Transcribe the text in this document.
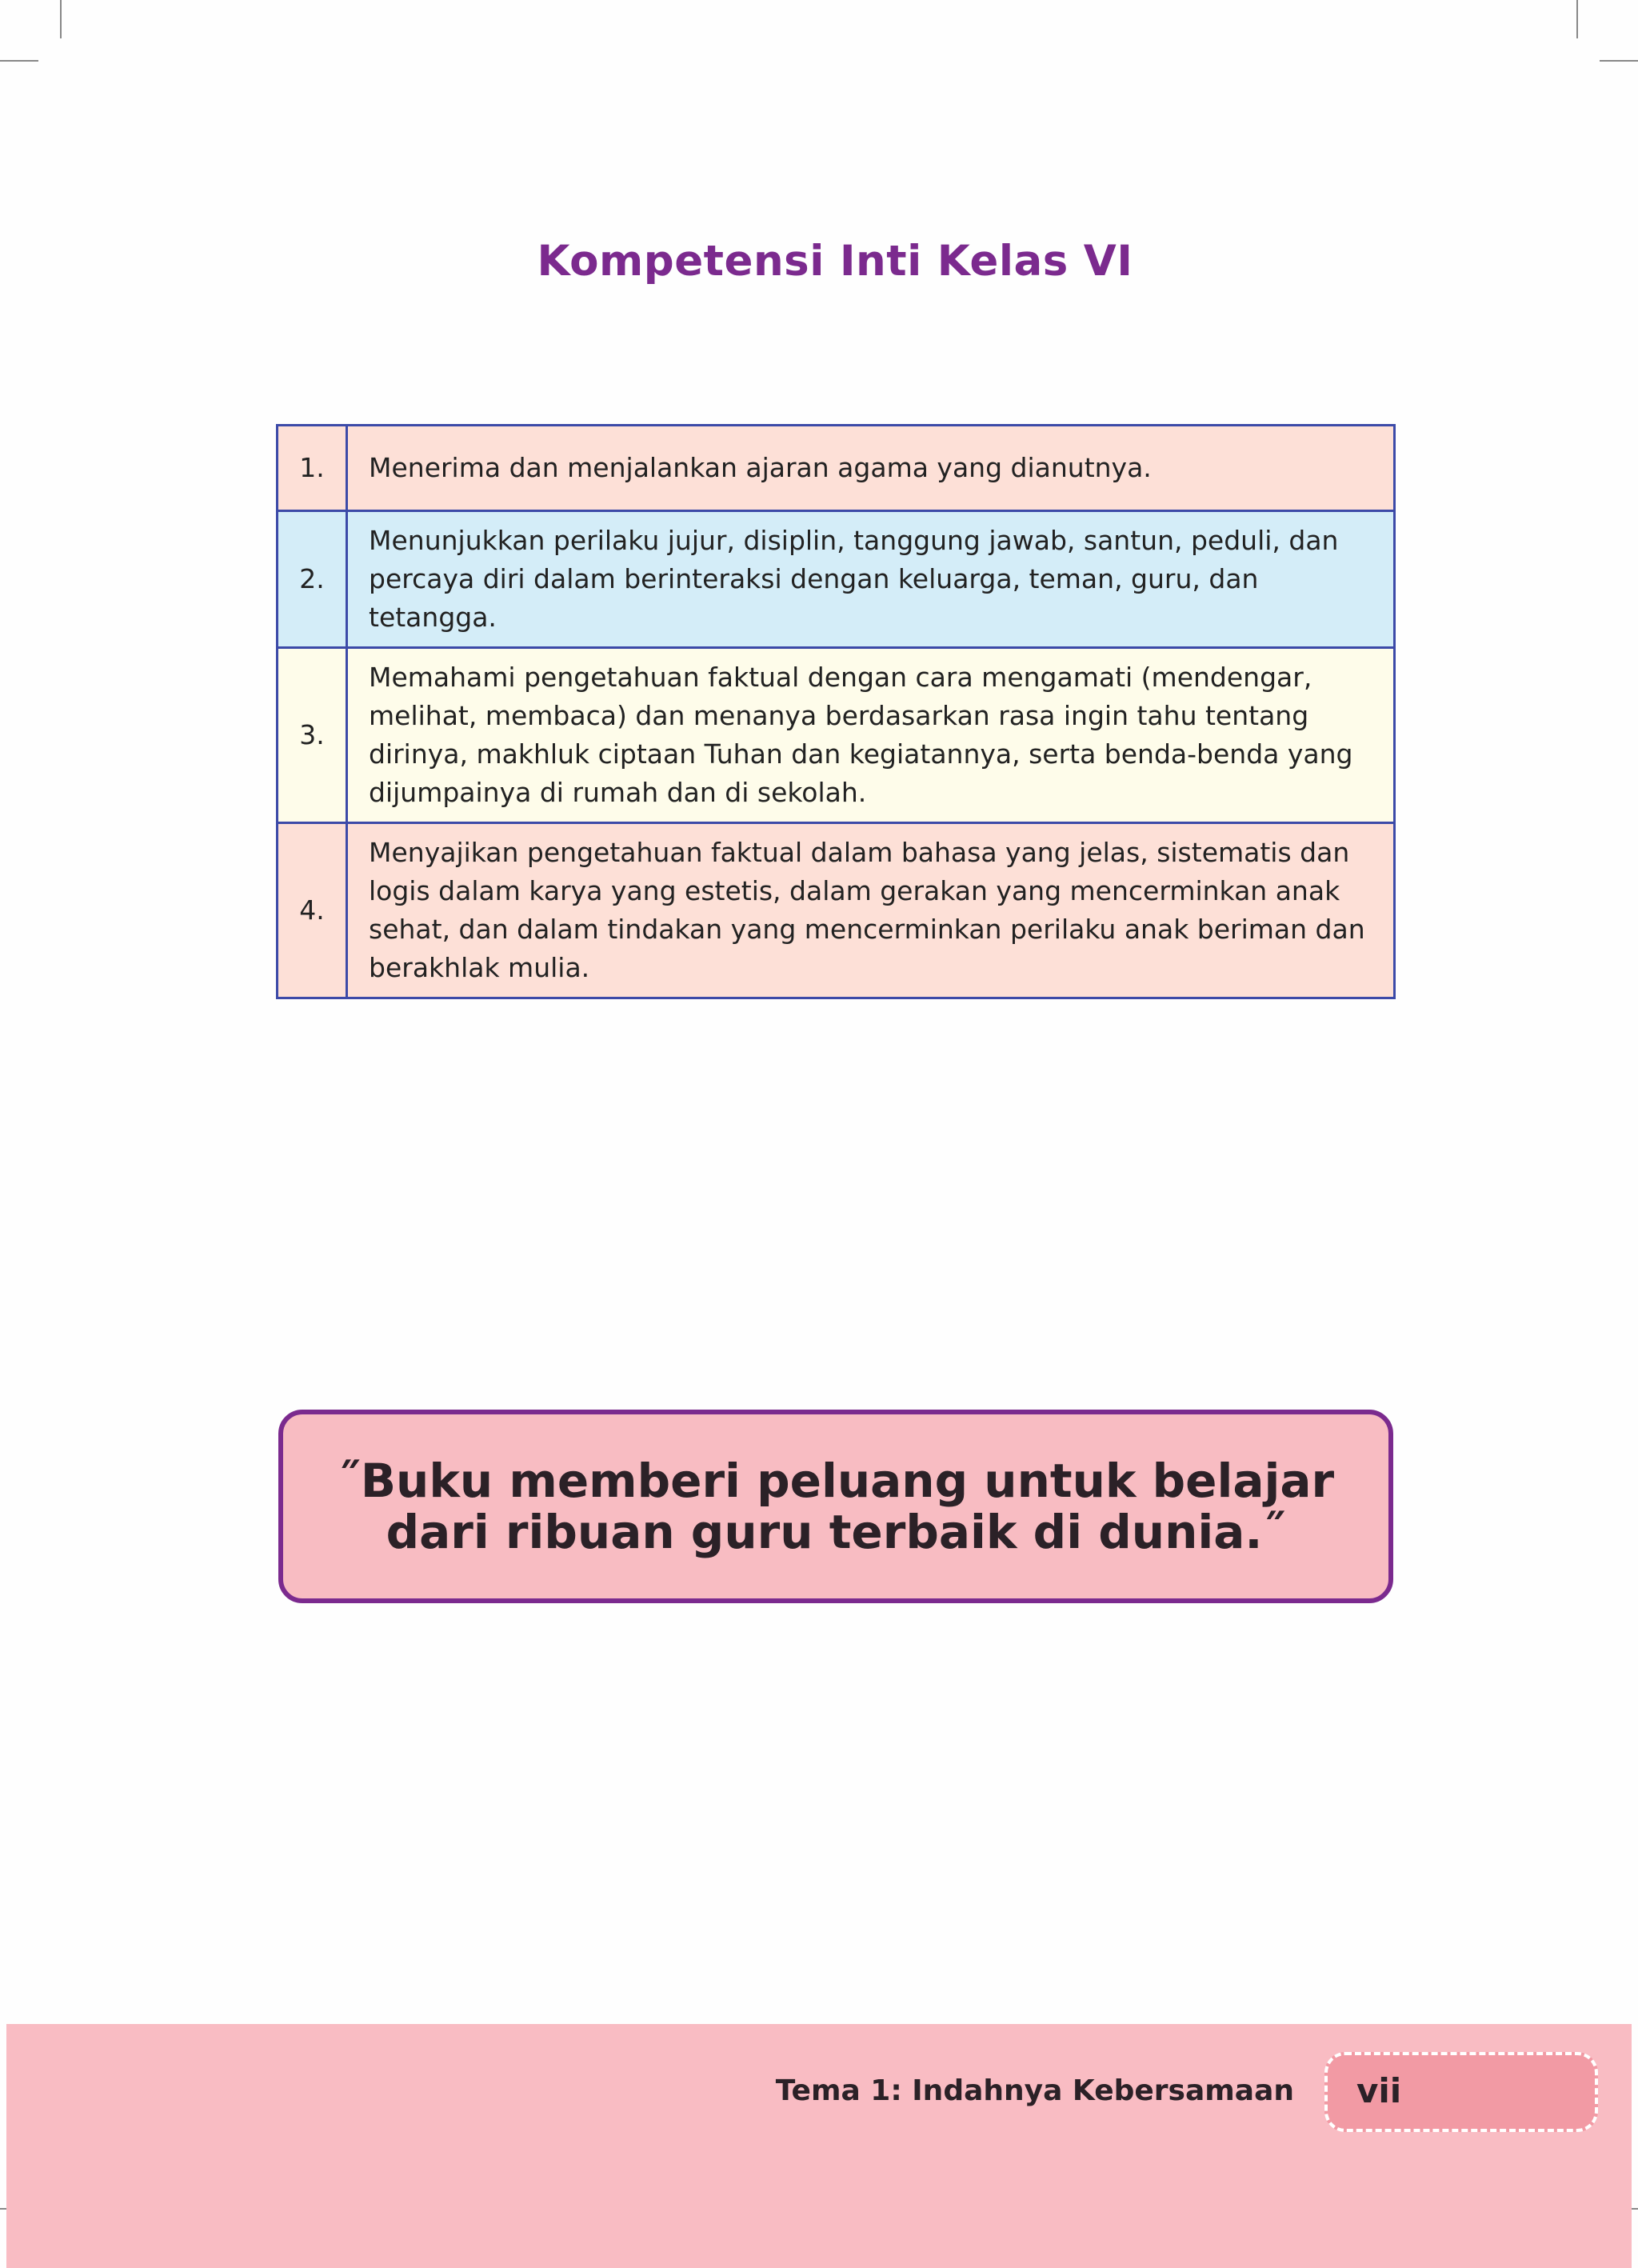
Kompetensi Inti Kelas VI
1.	Menerima dan menjalankan ajaran agama yang dianutnya.
2.	Menunjukkan perilaku jujur, disiplin, tanggung jawab, santun, peduli, dan percaya diri dalam berinteraksi dengan keluarga, teman, guru, dan tetangga.
3.	Memahami pengetahuan faktual dengan cara mengamati (mendengar, melihat, membaca) dan menanya berdasarkan rasa ingin tahu tentang dirinya, makhluk ciptaan Tuhan dan kegiatannya, serta benda-benda yang dijumpainya di rumah dan di sekolah.
4.	Menyajikan pengetahuan faktual dalam bahasa yang jelas, sistematis dan logis dalam karya yang estetis, dalam gerakan yang mencerminkan anak sehat, dan dalam tindakan yang mencerminkan perilaku anak beriman dan berakhlak mulia.
˝Buku memberi peluang untuk belajar
dari ribuan guru terbaik di dunia.˝
Tema 1: Indahnya Kebersamaan vii
